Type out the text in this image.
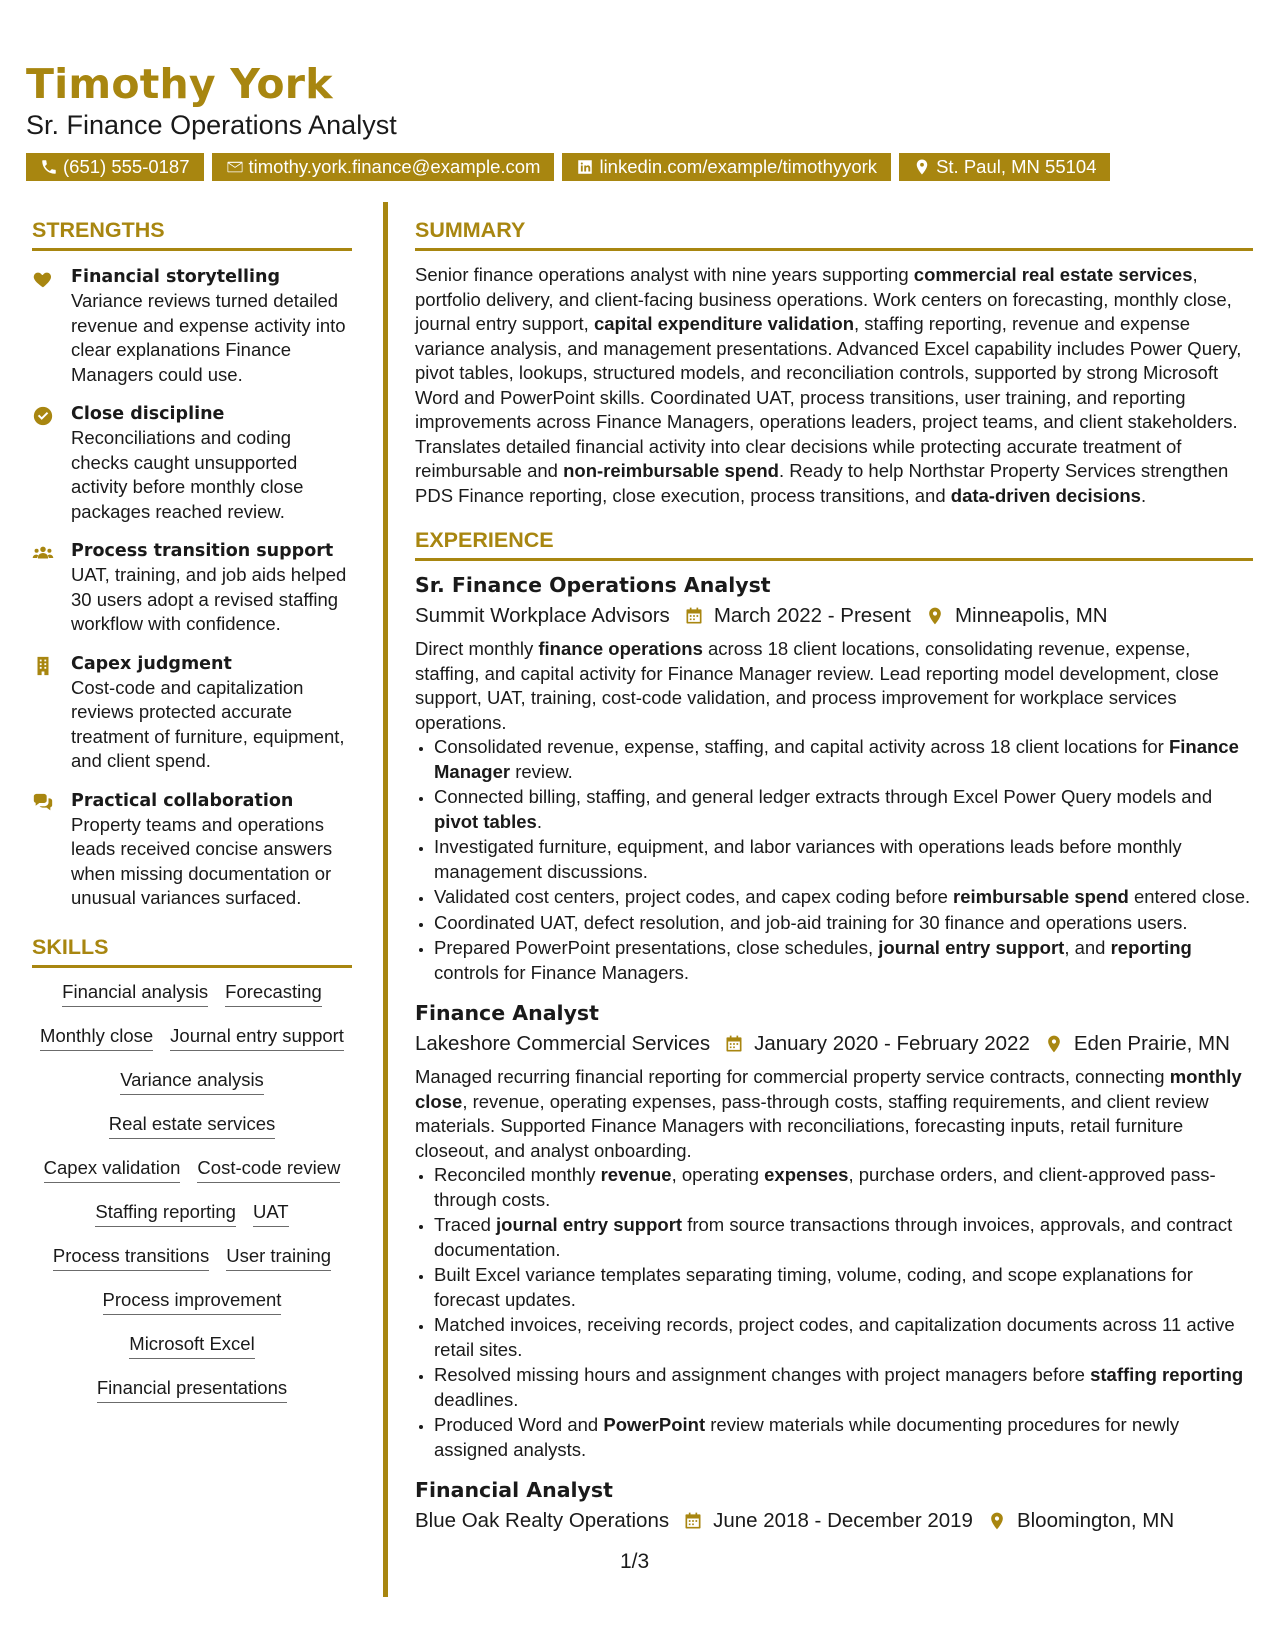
Timothy York
Sr. Finance Operations Analyst
(651) 555-0187	timothy.york.finance@example.com	linkedin.com/example/timothyyork	St. Paul, MN 55104
STRENGTHS
Financial storytelling
Variance reviews turned detailed revenue and expense activity into clear explanations Finance Managers could use.
Close discipline
Reconciliations and coding checks caught unsupported activity before monthly close packages reached review.
Process transition support
UAT, training, and job aids helped 30 users adopt a revised staffing workflow with confidence.
Capex judgment
Cost-code and capitalization reviews protected accurate treatment of furniture, equipment, and client spend.
Practical collaboration
Property teams and operations leads received concise answers when missing documentation or unusual variances surfaced.
SKILLS
Financial analysis Forecasting
Monthly close Journal entry support
Variance analysis
Real estate services
Capex validation Cost-code review
Staffing reporting UAT
Process transitions User training
Process improvement
Microsoft Excel
Financial presentations
SUMMARY

Senior finance operations analyst with nine years supporting commercial real estate services, portfolio delivery, and client-facing business operations. Work centers on forecasting, monthly close, journal entry support, capital expenditure validation, staffing reporting, revenue and expense variance analysis, and management presentations. Advanced Excel capability includes Power Query, pivot tables, lookups, structured models, and reconciliation controls, supported by strong Microsoft Word and PowerPoint skills. Coordinated UAT, process transitions, user training, and reporting improvements across Finance Managers, operations leaders, project teams, and client stakeholders. Translates detailed financial activity into clear decisions while protecting accurate treatment of reimbursable and non-reimbursable spend. Ready to help Northstar Property Services strengthen PDS Finance reporting, close execution, process transitions, and data-driven decisions.

EXPERIENCE
Sr. Finance Operations Analyst
Summit Workplace Advisors March 2022 - Present Minneapolis, MN
Direct monthly finance operations across 18 client locations, consolidating revenue, expense, staffing, and capital activity for Finance Manager review. Lead reporting model development, close support, UAT, training, cost-code validation, and process improvement for workplace services operations.
• Consolidated revenue, expense, staffing, and capital activity across 18 client locations for Finance Manager review.
• Connected billing, staffing, and general ledger extracts through Excel Power Query models and pivot tables.
• Investigated furniture, equipment, and labor variances with operations leads before monthly management discussions.
• Validated cost centers, project codes, and capex coding before reimbursable spend entered close.
• Coordinated UAT, defect resolution, and job-aid training for 30 finance and operations users.
• Prepared PowerPoint presentations, close schedules, journal entry support, and reporting controls for Finance Managers.
Finance Analyst
Lakeshore Commercial Services January 2020 - February 2022 Eden Prairie, MN
Managed recurring financial reporting for commercial property service contracts, connecting monthly close, revenue, operating expenses, pass-through costs, staffing requirements, and client review materials. Supported Finance Managers with reconciliations, forecasting inputs, retail furniture closeout, and analyst onboarding.
• Reconciled monthly revenue, operating expenses, purchase orders, and client-approved pass-through costs.
• Traced journal entry support from source transactions through invoices, approvals, and contract documentation.
• Built Excel variance templates separating timing, volume, coding, and scope explanations for forecast updates.
• Matched invoices, receiving records, project codes, and capitalization documents across 11 active retail sites.
• Resolved missing hours and assignment changes with project managers before staffing reporting deadlines.
• Produced Word and PowerPoint review materials while documenting procedures for newly assigned analysts.
Financial Analyst
Blue Oak Realty Operations June 2018 - December 2019 Bloomington, MN
1/3
